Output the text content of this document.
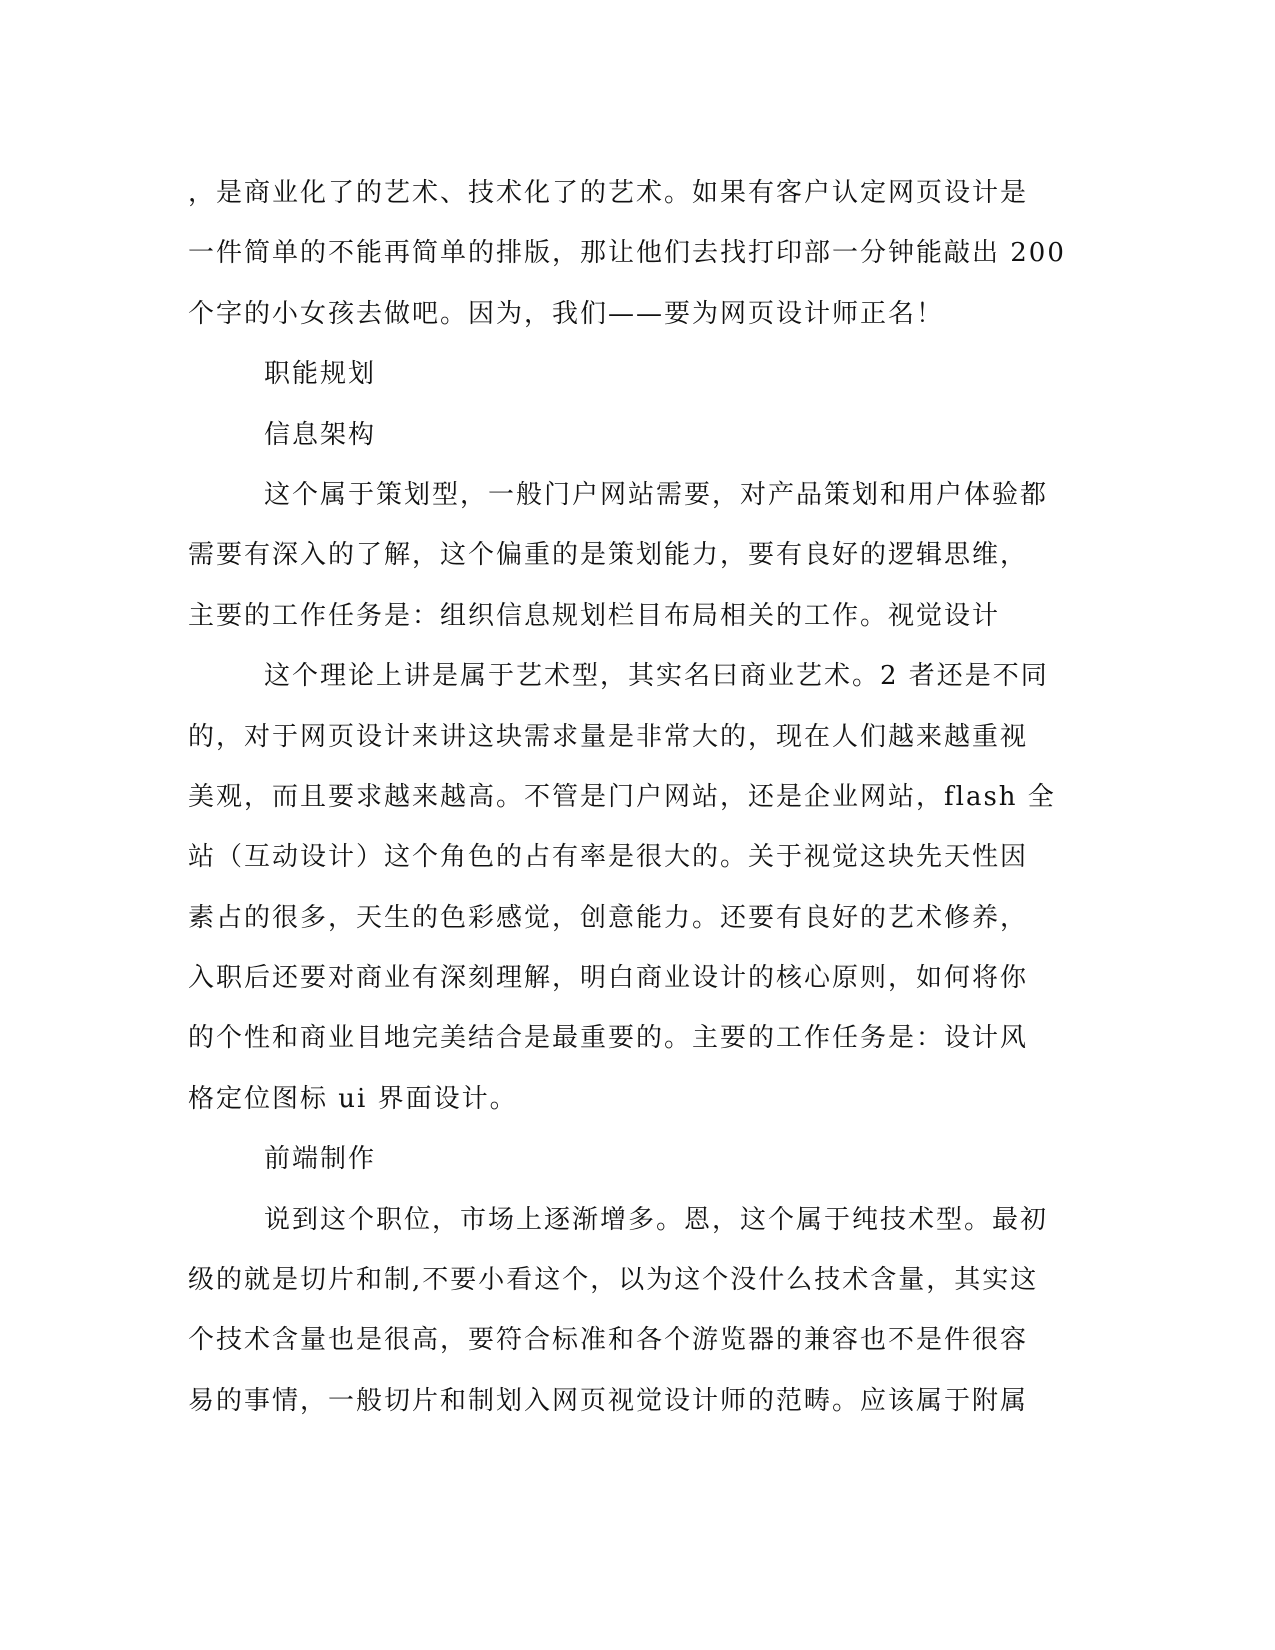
，是商业化了的艺术、技术化了的艺术。如果有客户认定网页设计是
一件简单的不能再简单的排版，那让他们去找打印部一分钟能敲出 200
个字的小女孩去做吧。因为，我们——要为网页设计师正名！
职能规划
信息架构
这个属于策划型，一般门户网站需要，对产品策划和用户体验都
需要有深入的了解，这个偏重的是策划能力，要有良好的逻辑思维，
主要的工作任务是：组织信息规划栏目布局相关的工作。视觉设计
这个理论上讲是属于艺术型，其实名曰商业艺术。2 者还是不同
的，对于网页设计来讲这块需求量是非常大的，现在人们越来越重视
美观，而且要求越来越高。不管是门户网站，还是企业网站，flash 全
站（互动设计）这个角色的占有率是很大的。关于视觉这块先天性因
素占的很多，天生的色彩感觉，创意能力。还要有良好的艺术修养，
入职后还要对商业有深刻理解，明白商业设计的核心原则，如何将你
的个性和商业目地完美结合是最重要的。主要的工作任务是：设计风
格定位图标 ui 界面设计。
前端制作
说到这个职位，市场上逐渐增多。恩，这个属于纯技术型。最初
级的就是切片和制,不要小看这个，以为这个没什么技术含量，其实这
个技术含量也是很高，要符合标准和各个游览器的兼容也不是件很容
易的事情，一般切片和制划入网页视觉设计师的范畴。应该属于附属
